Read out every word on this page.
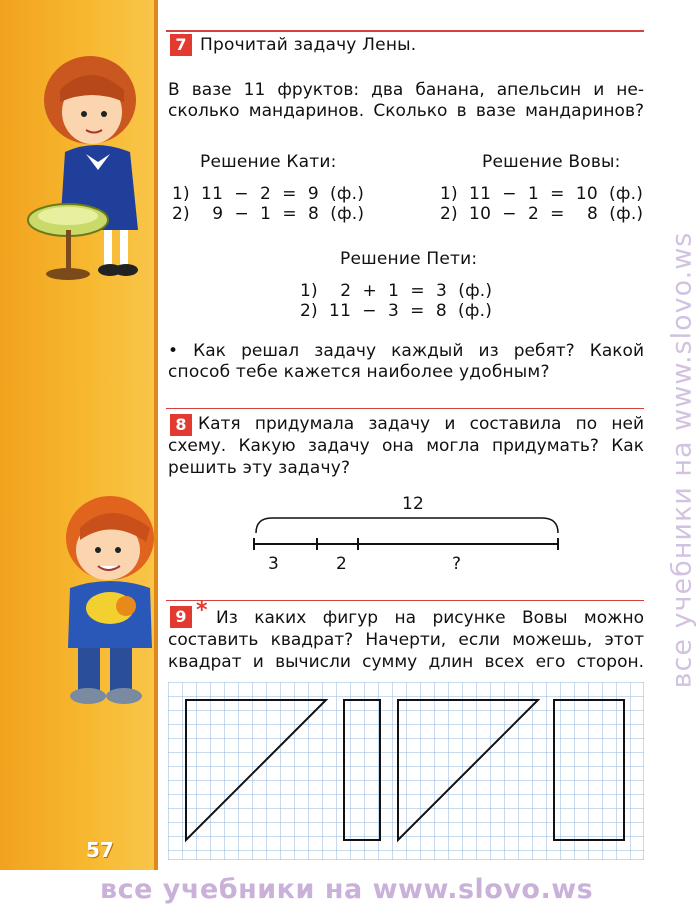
57
7 Прочитай задачу Лены.
В вазе 11 фруктов: два банана, апельсин и не-
сколько мандаринов. Сколько в вазе мандаринов?
Решение Кати:
1)  11  −  2  =  9  (ф.)
2)    9  −  1  =  8  (ф.)
Решение Вовы:
1)  11  −  1  =  10  (ф.)
2)  10  −  2  =    8  (ф.)
Решение Пети:
1)    2  +  1  =  3  (ф.)
2)  11  −  3  =  8  (ф.)
• Как решал задачу каждый из ребят? Какой
способ тебе кажется наиболее удобным?
8 Катя придумала задачу и составила по ней
схему. Какую задачу она могла придумать? Как
решить эту задачу?
12
3	2	?
9 * Из каких фигур на рисунке Вовы можно
составить квадрат? Начерти, если можешь, этот
квадрат и вычисли сумму длин всех его сторон. все учебники на www.slovo.ws
все учебники на www.slovo.ws
